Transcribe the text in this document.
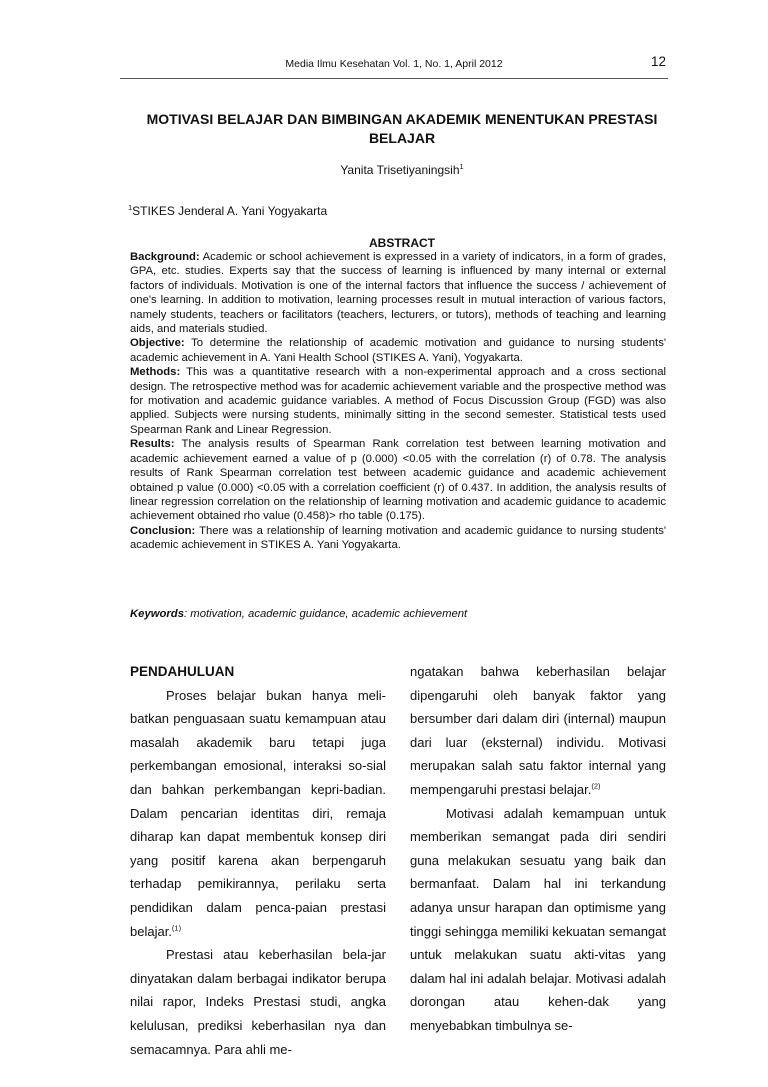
Media Ilmu Kesehatan Vol. 1, No. 1, April 2012	12
MOTIVASI BELAJAR DAN BIMBINGAN AKADEMIK MENENTUKAN PRESTASI
BELAJAR
Yanita Trisetiyaningsih$^1$
$^1$STIKES Jenderal A. Yani Yogyakarta
ABSTRACT

Background: Academic or school achievement is expressed in a variety of indicators, in a form of grades, GPA, etc. studies. Experts say that the success of learning is influenced by many internal or external factors of individuals. Motivation is one of the internal factors that influence the success / achievement of one's learning. In addition to motivation, learning processes result in mutual interaction of various factors, namely students, teachers or facilitators (teachers, lecturers, or tutors), methods of teaching and learning aids, and materials studied.

Objective: To determine the relationship of academic motivation and guidance to nursing students' academic achievement in A. Yani Health School (STIKES A. Yani), Yogyakarta.

Methods: This was a quantitative research with a non-experimental approach and a cross sectional design. The retrospective method was for academic achievement variable and the prospective method was for motivation and academic guidance variables. A method of Focus Discussion Group (FGD) was also applied. Subjects were nursing students, minimally sitting in the second semester. Statistical tests used Spearman Rank and Linear Regression.

Results: The analysis results of Spearman Rank correlation test between learning motivation and academic achievement earned a value of p (0.000) <0.05 with the correlation (r) of 0.78. The analysis results of Rank Spearman correlation test between academic guidance and academic achievement obtained p value (0.000) <0.05 with a correlation coefficient (r) of 0.437. In addition, the analysis results of linear regression correlation on the relationship of learning motivation and academic guidance to academic achievement obtained rho value (0.458)> rho table (0.175).

Conclusion: There was a relationship of learning motivation and academic guidance to nursing students' academic achievement in STIKES A. Yani Yogyakarta.

Keywords: motivation, academic guidance, academic achievement

PENDAHULUAN

Proses belajar bukan hanya meli-batkan penguasaan suatu kemampuan atau masalah akademik baru tetapi juga perkembangan emosional, interaksi so-sial dan bahkan perkembangan kepri-badian. Dalam pencarian identitas diri, remaja diharap kan dapat membentuk konsep diri yang positif karena akan berpengaruh terhadap pemikirannya, perilaku serta pendidikan dalam penca-paian prestasi belajar.$^{(1)}$

Prestasi atau keberhasilan bela-jar dinyatakan dalam berbagai indikator berupa nilai rapor, Indeks Prestasi studi, angka kelulusan, prediksi keberhasilan nya dan semacamnya. Para ahli me-

ngatakan bahwa keberhasilan belajar dipengaruhi oleh banyak faktor yang bersumber dari dalam diri (internal) maupun dari luar (eksternal) individu. Motivasi merupakan salah satu faktor internal yang mempengaruhi prestasi belajar.$^{(2)}$

Motivasi adalah kemampuan untuk memberikan semangat pada diri sendiri guna melakukan sesuatu yang baik dan bermanfaat. Dalam hal ini terkandung adanya unsur harapan dan optimisme yang tinggi sehingga memiliki kekuatan semangat untuk melakukan suatu akti-vitas yang dalam hal ini adalah belajar. Motivasi adalah dorongan atau kehen-dak yang menyebabkan timbulnya se-
